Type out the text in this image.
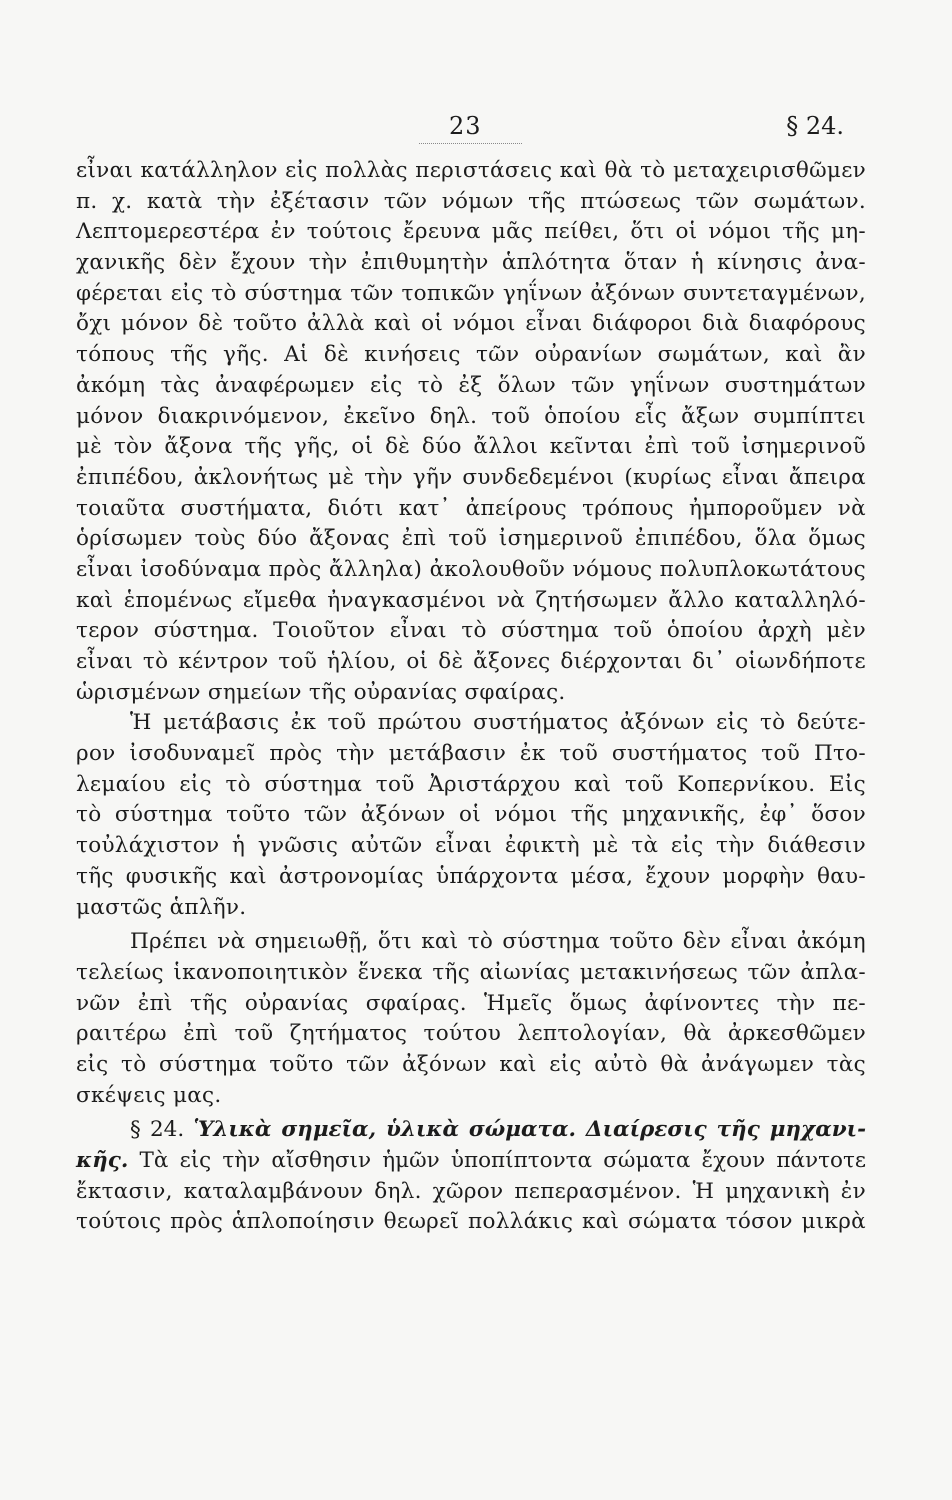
23	§ 24.
εἶναι κατάλληλον εἰς πολλὰς περιστάσεις καὶ θὰ τὸ μεταχειρισθῶμεν
π. χ. κατὰ τὴν ἐξέτασιν τῶν νόμων τῆς πτώσεως τῶν σωμάτων.
Λεπτομερεστέρα ἐν τούτοις ἔρευνα μᾶς πείθει, ὅτι οἱ νόμοι τῆς μη-
χανικῆς δὲν ἔχουν τὴν ἐπιθυμητὴν ἁπλότητα ὅταν ἡ κίνησις ἀνα-
φέρεται εἰς τὸ σύστημα τῶν τοπικῶν γηΐνων ἀξόνων συντεταγμένων,
ὄχι μόνον δὲ τοῦτο ἀλλὰ καὶ οἱ νόμοι εἶναι διάφοροι διὰ διαφόρους
τόπους τῆς γῆς. Αἱ δὲ κινήσεις τῶν οὐρανίων σωμάτων, καὶ ἂν
ἀκόμη τὰς ἀναφέρωμεν εἰς τὸ ἐξ ὅλων τῶν γηΐνων συστημάτων
μόνον διακρινόμενον, ἐκεῖνο δηλ. τοῦ ὁποίου εἷς ἄξων συμπίπτει
μὲ τὸν ἄξονα τῆς γῆς, οἱ δὲ δύο ἄλλοι κεῖνται ἐπὶ τοῦ ἰσημερινοῦ
ἐπιπέδου, ἀκλονήτως μὲ τὴν γῆν συνδεδεμένοι (κυρίως εἶναι ἄπειρα
τοιαῦτα συστήματα, διότι κατ᾽ ἀπείρους τρόπους ἠμποροῦμεν νὰ
ὁρίσωμεν τοὺς δύο ἄξονας ἐπὶ τοῦ ἰσημερινοῦ ἐπιπέδου, ὅλα ὅμως
εἶναι ἰσοδύναμα πρὸς ἄλληλα) ἀκολουθοῦν νόμους πολυπλοκωτάτους
καὶ ἑπομένως εἴμεθα ἠναγκασμένοι νὰ ζητήσωμεν ἄλλο καταλληλό-
τερον σύστημα. Τοιοῦτον εἶναι τὸ σύστημα τοῦ ὁποίου ἀρχὴ μὲν
εἶναι τὸ κέντρον τοῦ ἡλίου, οἱ δὲ ἄξονες διέρχονται δι᾽ οἱωνδήποτε
ὡρισμένων σημείων τῆς οὐρανίας σφαίρας.
Ἡ μετάβασις ἐκ τοῦ πρώτου συστήματος ἀξόνων εἰς τὸ δεύτε-
ρον ἰσοδυναμεῖ πρὸς τὴν μετάβασιν ἐκ τοῦ συστήματος τοῦ Πτο-
λεμαίου εἰς τὸ σύστημα τοῦ Ἀριστάρχου καὶ τοῦ Κοπερνίκου. Εἰς
τὸ σύστημα τοῦτο τῶν ἀξόνων οἱ νόμοι τῆς μηχανικῆς, ἐφ᾽ ὅσον
τοὐλάχιστον ἡ γνῶσις αὐτῶν εἶναι ἐφικτὴ μὲ τὰ εἰς τὴν διάθεσιν
τῆς φυσικῆς καὶ ἀστρονομίας ὑπάρχοντα μέσα, ἔχουν μορφὴν θαυ-
μαστῶς ἁπλῆν.
Πρέπει νὰ σημειωθῇ, ὅτι καὶ τὸ σύστημα τοῦτο δὲν εἶναι ἀκόμη
τελείως ἱκανοποιητικὸν ἕνεκα τῆς αἰωνίας μετακινήσεως τῶν ἀπλα-
νῶν ἐπὶ τῆς οὐρανίας σφαίρας. Ἡμεῖς ὅμως ἀφίνοντες τὴν πε-
ραιτέρω ἐπὶ τοῦ ζητήματος τούτου λεπτολογίαν, θὰ ἀρκεσθῶμεν
εἰς τὸ σύστημα τοῦτο τῶν ἀξόνων καὶ εἰς αὐτὸ θὰ ἀνάγωμεν τὰς
σκέψεις μας.
§ 24. Ὑλικὰ σημεῖα, ὑλικὰ σώματα. Διαίρεσις τῆς μηχανι-
κῆς. Τὰ εἰς τὴν αἴσθησιν ἡμῶν ὑποπίπτοντα σώματα ἔχουν πάντοτε
ἔκτασιν, καταλαμβάνουν δηλ. χῶρον πεπερασμένον. Ἡ μηχανικὴ ἐν
τούτοις πρὸς ἁπλοποίησιν θεωρεῖ πολλάκις καὶ σώματα τόσον μικρὰ
